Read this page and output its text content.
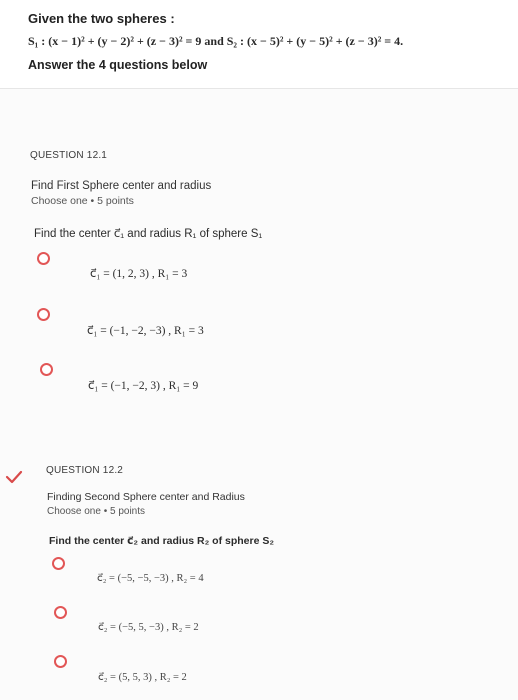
Given the two spheres :
S₁ : (x − 1)² + (y − 2)² + (z − 3)² = 9 and S₂ : (x − 5)² + (y − 5)² + (z − 3)² = 4.
Answer the 4 questions below
QUESTION 12.1
Find First Sphere center and radius
Choose one • 5 points
Find the center c⃗₁ and radius R₁ of sphere S₁
c⃗₁ = (1, 2, 3) , R₁ = 3
c⃗₁ = (−1, −2, −3) , R₁ = 3
c⃗₁ = (−1, −2, 3) , R₁ = 9
QUESTION 12.2
Finding Second Sphere center and Radius
Choose one • 5 points
Find the center c⃗₂ and radius R₂ of sphere S₂
c⃗₂ = (−5, −5, −3) , R₂ = 4
c⃗₂ = (−5, 5, −3) , R₂ = 2
c⃗₂ = (5, 5, 3) , R₂ = 2
